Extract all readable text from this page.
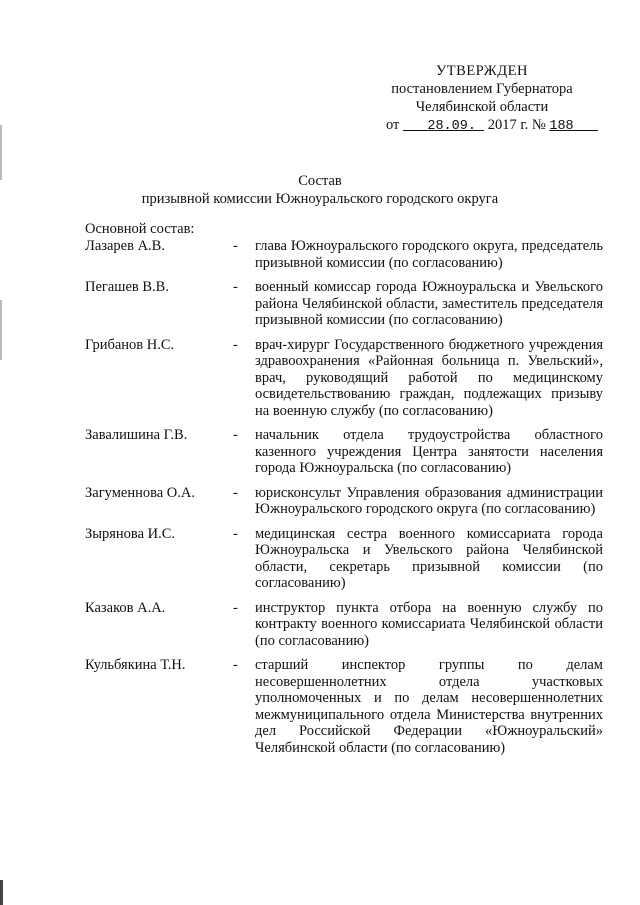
УТВЕРЖДЕН
постановлением Губернатора
Челябинской области
от 28.09. 2017 г. № 188
Состав
призывной комиссии Южноуральского городского округа
Основной состав:
Лазарев А.В.	-	глава Южноуральского городского округа, председатель призывной комиссии (по согласованию)
Пегашев В.В.	-	военный комиссар города Южноуральска и Увельского района Челябинской области, заместитель председателя призывной комиссии (по согласованию)
Грибанов Н.С.	-	врач-хирург Государственного бюджетного учреждения здравоохранения «Районная больница п. Увельский», врач, руководящий работой по медицинскому освидетельствованию граждан, подлежащих призыву на военную службу (по согласованию)
Завалишина Г.В.	-	начальник отдела трудоустройства областного казенного учреждения Центра занятости населения города Южноуральска (по согласованию)
Загуменнова О.А.	-	юрисконсульт Управления образования администрации Южноуральского городского округа (по согласованию)
Зырянова И.С.	-	медицинская сестра военного комиссариата города Южноуральска и Увельского района Челябинской области, секретарь призывной комиссии (по согласованию)
Казаков А.А.	-	инструктор пункта отбора на военную службу по контракту военного комиссариата Челябинской области (по согласованию)
Кульбякина Т.Н.	-	старший инспектор группы по делам несовершеннолетних отдела участковых уполномоченных и по делам несовершеннолетних межмуниципального отдела Министерства внутренних дел Российской Федерации «Южноуральский» Челябинской области (по согласованию)
